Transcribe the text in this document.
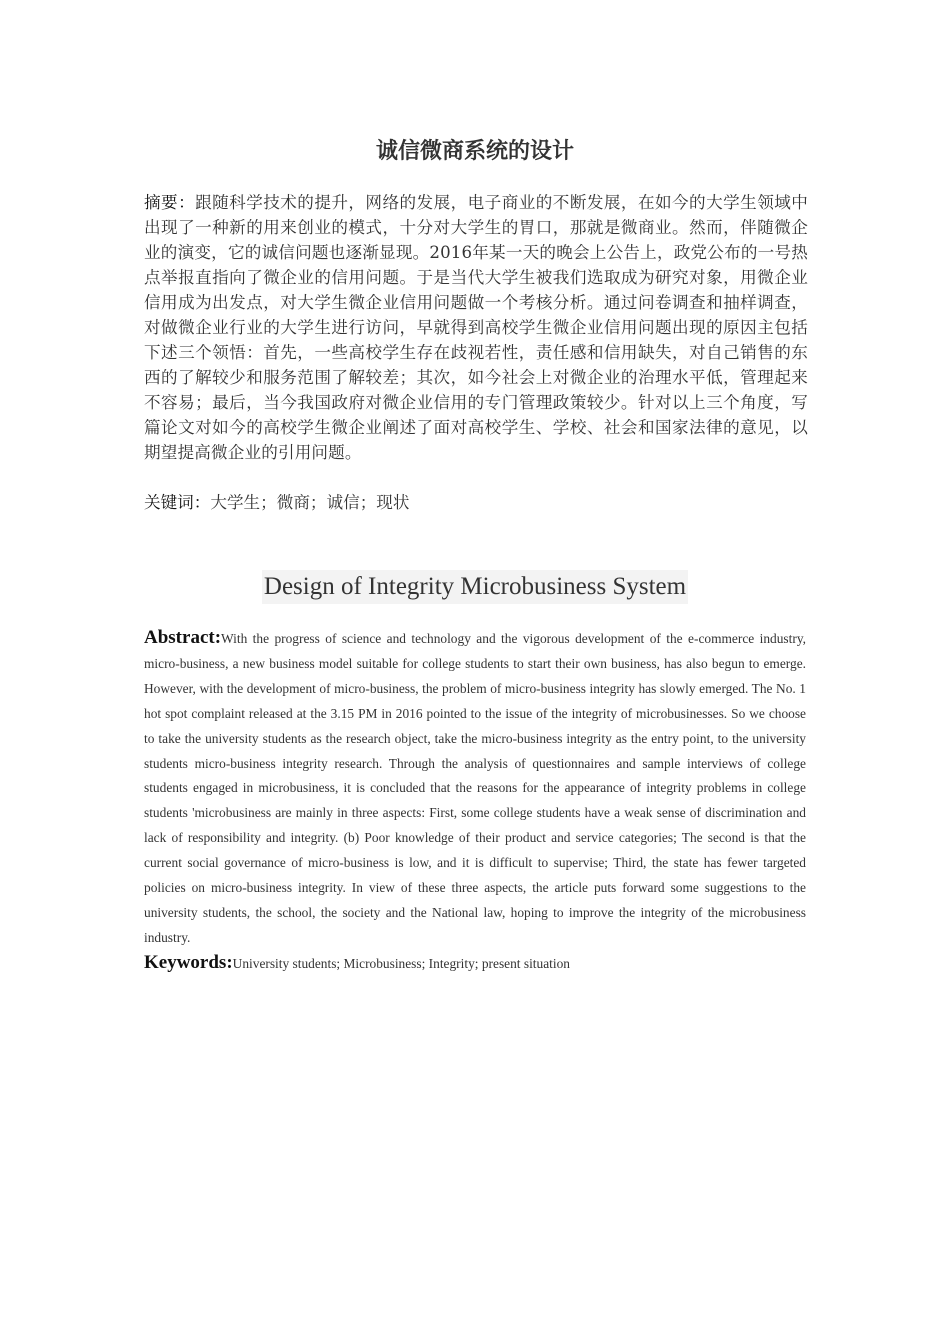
诚信微商系统的设计
摘要：跟随科学技术的提升，网络的发展，电子商业的不断发展，在如今的大学生领域中出现了一种新的用来创业的模式，十分对大学生的胃口，那就是微商业。然而，伴随微企业的演变，它的诚信问题也逐渐显现。2016年某一天的晚会上公告上，政党公布的一号热点举报直指向了微企业的信用问题。于是当代大学生被我们选取成为研究对象，用微企业信用成为出发点，对大学生微企业信用问题做一个考核分析。通过问卷调查和抽样调查，对做微企业行业的大学生进行访问，早就得到高校学生微企业信用问题出现的原因主包括下述三个领悟：首先，一些高校学生存在歧视若性，责任感和信用缺失，对自己销售的东西的了解较少和服务范围了解较差；其次，如今社会上对微企业的治理水平低，管理起来不容易；最后，当今我国政府对微企业信用的专门管理政策较少。针对以上三个角度，写篇论文对如今的高校学生微企业阐述了面对高校学生、学校、社会和国家法律的意见，以期望提高微企业的引用问题。
关键词：大学生；微商；诚信；现状
Design of Integrity Microbusiness System
Abstract:With the progress of science and technology and the vigorous development of the e-commerce industry, micro-business, a new business model suitable for college students to start their own business, has also begun to emerge. However, with the development of micro-business, the problem of micro-business integrity has slowly emerged. The No. 1 hot spot complaint released at the 3.15 PM in 2016 pointed to the issue of the integrity of microbusinesses. So we choose to take the university students as the research object, take the micro-business integrity as the entry point, to the university students micro-business integrity research. Through the analysis of questionnaires and sample interviews of college students engaged in microbusiness, it is concluded that the reasons for the appearance of integrity problems in college students 'microbusiness are mainly in three aspects: First, some college students have a weak sense of discrimination and lack of responsibility and integrity. (b) Poor knowledge of their product and service categories; The second is that the current social governance of micro-business is low, and it is difficult to supervise; Third, the state has fewer targeted policies on micro-business integrity. In view of these three aspects, the article puts forward some suggestions to the university students, the school, the society and the National law, hoping to improve the integrity of the microbusiness industry.
Keywords:University students; Microbusiness; Integrity; present situation
